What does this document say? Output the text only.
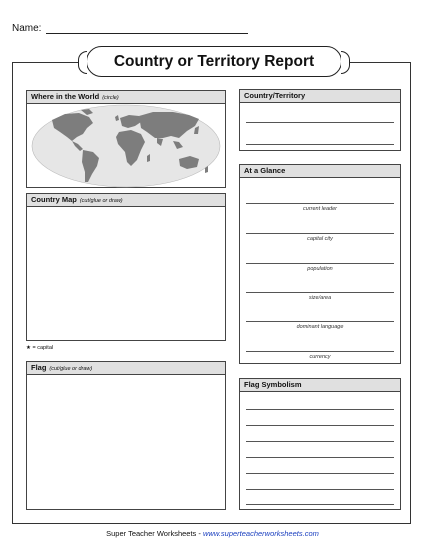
Name:
Country or Territory Report
Where in the World (circle)
Country Map (cut/glue or draw)
★ = capital
Flag (cut/glue or draw)
Country/Territory
At a Glance
current leader
capital city
population
size/area
dominant language
currency
Flag Symbolism
Super Teacher Worksheets - www.superteacherworksheets.com
